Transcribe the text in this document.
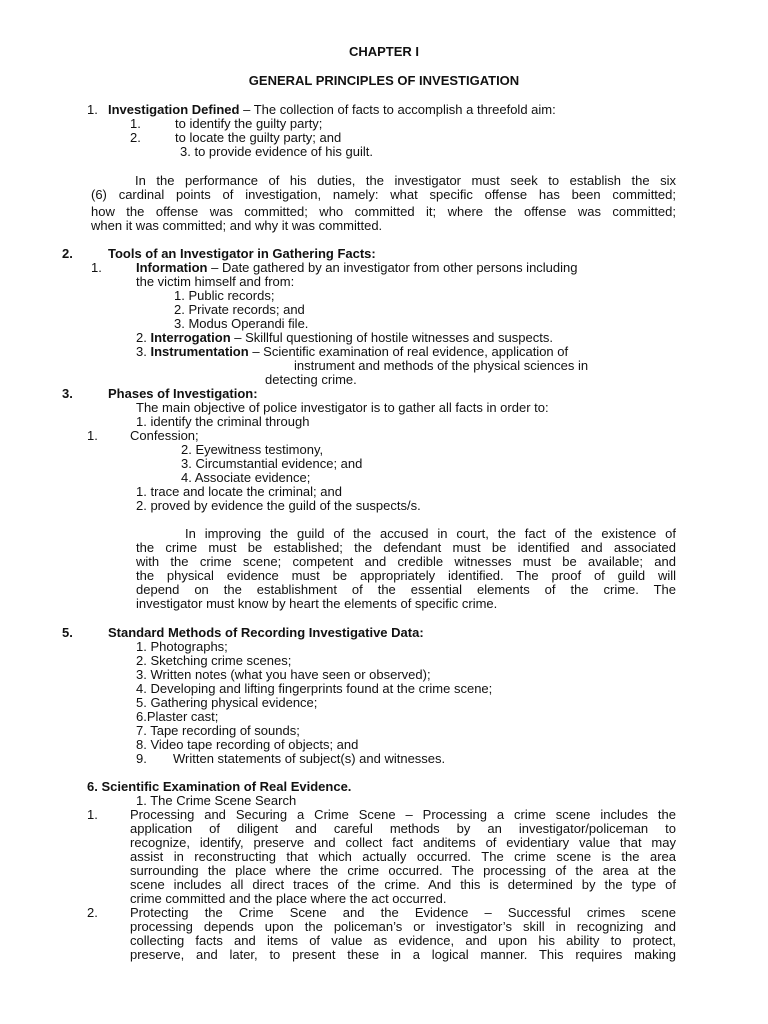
CHAPTER I
GENERAL PRINCIPLES OF INVESTIGATION
1. Investigation Defined – The collection of facts to accomplish a threefold aim:
1.	to identify the guilty party;
2.	to locate the guilty party; and
3. to provide evidence of his guilt.
In the performance of his duties, the investigator must seek to establish the six
(6) cardinal points of investigation, namely: what specific offense has been committed;
how the offense was committed; who committed it; where the offense was committed;
when it was committed; and why it was committed.
2.	Tools of an Investigator in Gathering Facts:
1.	Information – Date gathered by an investigator from other persons including
the victim himself and from:
1. Public records;
2. Private records; and
3. Modus Operandi file.
2. Interrogation – Skillful questioning of hostile witnesses and suspects.
3. Instrumentation – Scientific examination of real evidence, application of
instrument and methods of the physical sciences in
detecting crime.
3.	Phases of Investigation:
The main objective of police investigator is to gather all facts in order to:
1. identify the criminal through
1. Confession;
2. Eyewitness testimony,
3. Circumstantial evidence; and
4. Associate evidence;
1. trace and locate the criminal; and
2. proved by evidence the guild of the suspects/s.
In improving the guild of the accused in court, the fact of the existence of
the crime must be established; the defendant must be identified and associated
with the crime scene; competent and credible witnesses must be available; and
the physical evidence must be appropriately identified. The proof of guild will
depend on the establishment of the essential elements of the crime. The
investigator must know by heart the elements of specific crime.
5.	Standard Methods of Recording Investigative Data:
1. Photographs;
2. Sketching crime scenes;
3. Written notes (what you have seen or observed);
4. Developing and lifting fingerprints found at the crime scene;
5. Gathering physical evidence;
6.Plaster cast;
7. Tape recording of sounds;
8. Video tape recording of objects; and
9. Written statements of subject(s) and witnesses.
6. Scientific Examination of Real Evidence.
1. The Crime Scene Search
1. Processing and Securing a Crime Scene – Processing a crime scene includes the
application of diligent and careful methods by an investigator/policeman to
recognize, identify, preserve and collect fact anditems of evidentiary value that may
assist in reconstructing that which actually occurred. The crime scene is the area
surrounding the place where the crime occurred. The processing of the area at the
scene includes all direct traces of the crime. And this is determined by the type of
crime committed and the place where the act occurred.
2. Protecting the Crime Scene and the Evidence – Successful crimes scene
processing depends upon the policeman’s or investigator’s skill in recognizing and
collecting facts and items of value as evidence, and upon his ability to protect,
preserve, and later, to present these in a logical manner. This requires making
